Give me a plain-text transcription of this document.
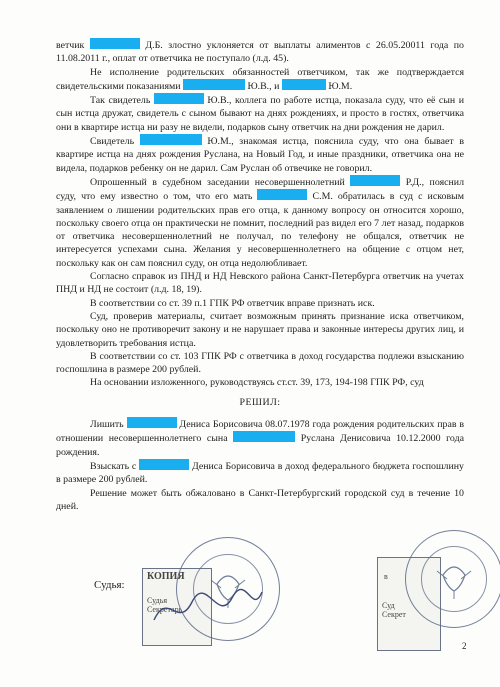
ветчик	Д.Б. злостно уклоняется от выплаты алиментов с 26.05.20011 года по 11.08.2011 г., оплат от ответчика не поступало (л.д. 45).

Не исполнение родительских обязанностей ответчиком, так же подтверждается свидетельскими показаниями	Ю.В., и	Ю.М.

Так свидетель	Ю.В., коллега по работе истца, показала суду, что её сын и сын истца дружат, свидетель с сыном бывают на днях рождениях, и просто в гостях, ответчика они в квартире истца ни разу не видели, подарков сыну ответчик на дни рождения не дарил.

Свидетель	Ю.М., знакомая истца, пояснила суду, что она бывает в квартире истца на днях рождения Руслана, на Новый Год, и иные праздники, ответчика она не видела, подарков ребенку он не дарил. Сам Руслан об отвечике не говорил.

Опрошенный в судебном заседании несовершеннолетний	Р.Д., пояснил суду, что ему известно о том, что его мать	С.М. обратилась в суд с исковым заявлением о лишении родительских прав его отца, к данному вопросу он относится хорошо, поскольку своего отца он практически не помнит, последний раз видел его 7 лет назад, подарков от ответчика несовершеннолетний не получал, по телефону не общался, ответчик не интересуется успехами сына. Желания у несовершеннолетнего на общение с отцом нет, поскольку как он сам пояснил суду, он отца недолюбливает.

Согласно справок из ПНД и НД Невского района Санкт-Петербурга ответчик на учетах ПНД и НД не состоит (л.д. 18, 19).

В соответствии со ст. 39 п.1 ГПК РФ ответчик вправе признать иск.

Суд, проверив материалы, считает возможным принять признание иска ответчиком, поскольку оно не противоречит закону и не нарушает права и законные интересы других лиц, и удовлетворить требования истца.

В соответствии со ст. 103 ГПК РФ с ответчика в доход государства подлежи взысканию госпошлина в размере 200 рублей.

На основании изложенного, руководствуясь ст.ст. 39, 173, 194-198 ГПК РФ, суд

РЕШИЛ:

Лишить	Дениса Борисовича 08.07.1978 года рождения родительских прав в отношении несовершеннолетнего сына	Руслана Денисовича 10.12.2000 года рождения.

Взыскать с	Дениса Борисовича в доход федерального бюджета госпошлину в размере 200 рублей.

Решение может быть обжаловано в Санкт-Петербургский городской суд в течение 10 дней.

Судья:
КОПИЯ
Судья
Секретарь
в
Суд
Секрет
2
